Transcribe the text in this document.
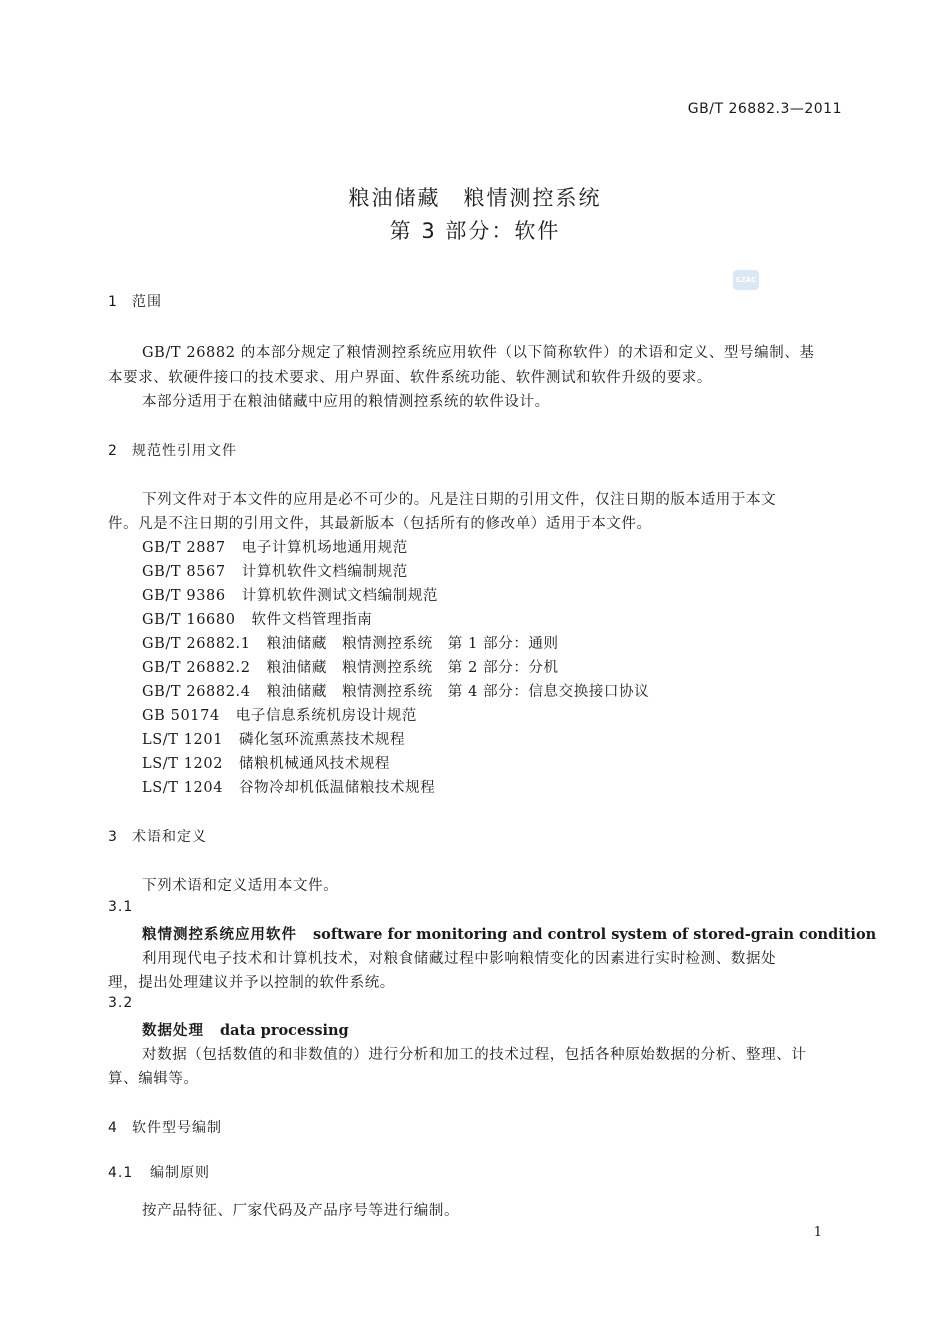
GB/T 26882.3—2011
粮油储藏　粮情测控系统
第 3 部分：软件
SZAC
1 范围
GB/T 26882 的本部分规定了粮情测控系统应用软件（以下简称软件）的术语和定义、型号编制、基
本要求、软硬件接口的技术要求、用户界面、软件系统功能、软件测试和软件升级的要求。
本部分适用于在粮油储藏中应用的粮情测控系统的软件设计。
2 规范性引用文件
下列文件对于本文件的应用是必不可少的。凡是注日期的引用文件，仅注日期的版本适用于本文
件。凡是不注日期的引用文件，其最新版本（包括所有的修改单）适用于本文件。
GB/T 2887 电子计算机场地通用规范
GB/T 8567 计算机软件文档编制规范
GB/T 9386 计算机软件测试文档编制规范
GB/T 16680 软件文档管理指南
GB/T 26882.1 粮油储藏　粮情测控系统　第 1 部分：通则
GB/T 26882.2 粮油储藏　粮情测控系统　第 2 部分：分机
GB/T 26882.4 粮油储藏　粮情测控系统　第 4 部分：信息交换接口协议
GB 50174 电子信息系统机房设计规范
LS/T 1201 磷化氢环流熏蒸技术规程
LS/T 1202 储粮机械通风技术规程
LS/T 1204 谷物冷却机低温储粮技术规程
3 术语和定义
下列术语和定义适用本文件。
3.1
粮情测控系统应用软件 software for monitoring and control system of stored-grain condition
利用现代电子技术和计算机技术，对粮食储藏过程中影响粮情变化的因素进行实时检测、数据处
理，提出处理建议并予以控制的软件系统。
3.2
数据处理 data processing
对数据（包括数值的和非数值的）进行分析和加工的技术过程，包括各种原始数据的分析、整理、计
算、编辑等。
4 软件型号编制
4.1 编制原则
按产品特征、厂家代码及产品序号等进行编制。
1
